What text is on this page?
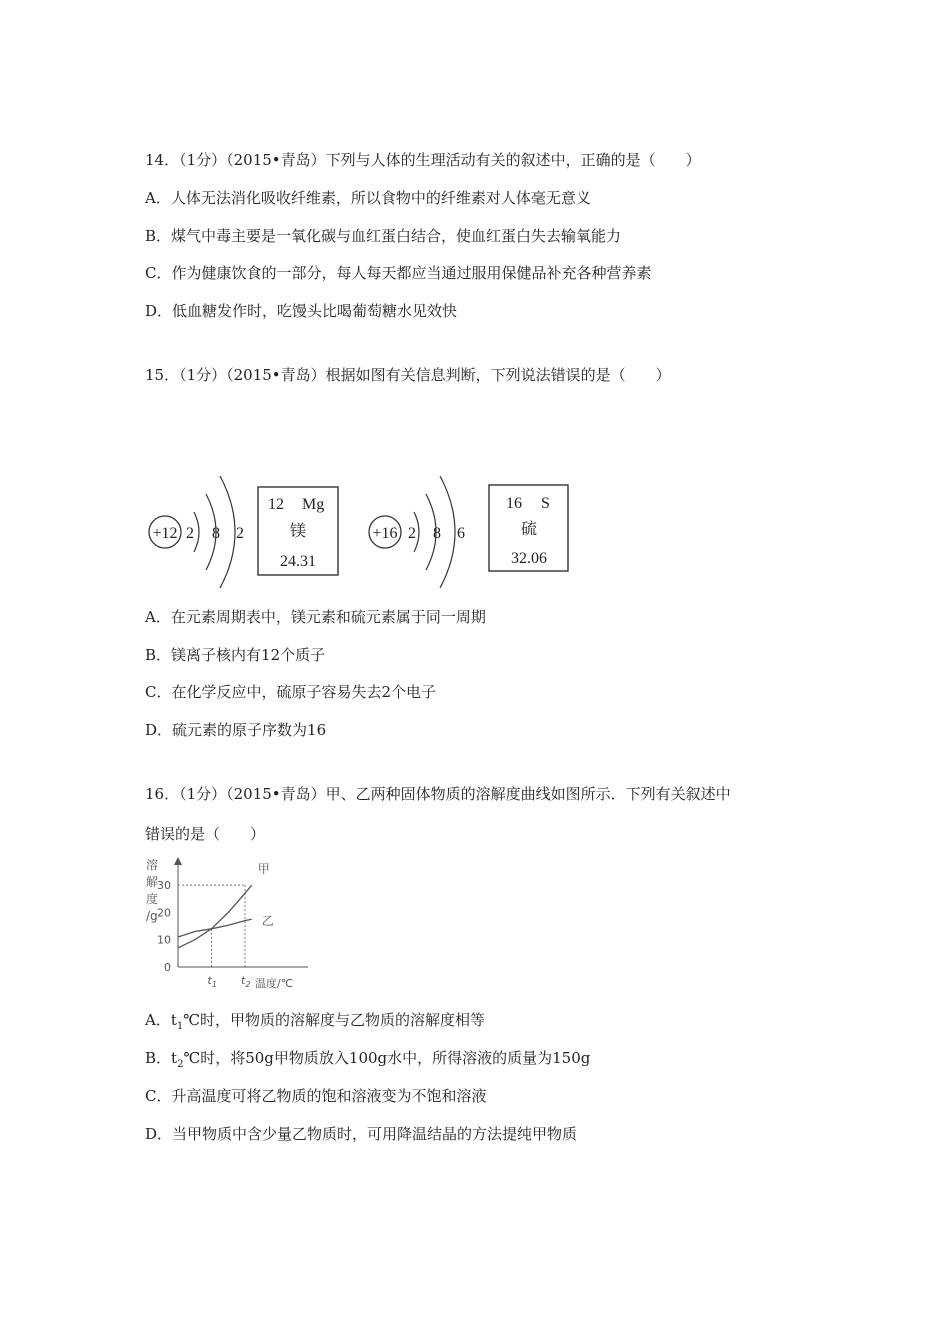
14．（1分）（2015•青岛）下列与人体的生理活动有关的叙述中，正确的是（　　）
A．人体无法消化吸收纤维素，所以食物中的纤维素对人体毫无意义
B．煤气中毒主要是一氧化碳与血红蛋白结合，使血红蛋白失去输氧能力
C．作为健康饮食的一部分，每人每天都应当通过服用保健品补充各种营养素
D．低血糖发作时，吃馒头比喝葡萄糖水见效快
15．（1分）（2015•青岛）根据如图有关信息判断，下列说法错误的是（　　）
+12 2 8 2
12 Mg
镁
24.31
+16 2 8 6
16 S
硫
32.06
A．在元素周期表中，镁元素和硫元素属于同一周期
B．镁离子核内有12个质子
C．在化学反应中，硫原子容易失去2个电子
D．硫元素的原子序数为16
16．（1分）（2015•青岛）甲、乙两种固体物质的溶解度曲线如图所示．下列有关叙述中
错误的是（　　）
溶
解
度
/g
温度/℃
0
10
20
30
甲
乙
$t_1$ $t_2$
A．$t_1℃$时，甲物质的溶解度与乙物质的溶解度相等
B．$t_2℃$时，将50g甲物质放入100g水中，所得溶液的质量为150g
C．升高温度可将乙物质的饱和溶液变为不饱和溶液
D．当甲物质中含少量乙物质时，可用降温结晶的方法提纯甲物质
